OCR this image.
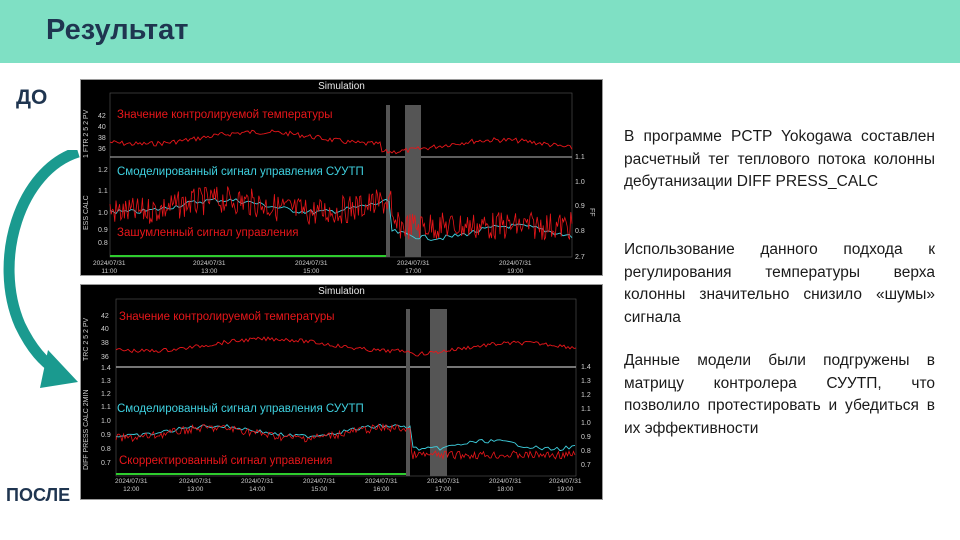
Результат
ДО
ПОСЛЕ
Simulation
Значение контролируемой температуры
Смоделированный сигнал управления СУУТП
Зашумленный сигнал управления
1 FTR 2 5 2 PV
ESS CALC	FF
42
40
38
36
1.2
1.1
1.0
0.9
0.8
1.1
1.0
0.9
0.8
2.7
2024/07/31
11:00
2024/07/31
13:00
2024/07/31
15:00
2024/07/31
17:00
2024/07/31
19:00
Simulation
Значение контролируемой температуры
Смоделированный сигнал управления СУУТП
Скорректированный сигнал управления
TRC 2 5 2 PV
DIFF PRESS CALC 2MIN
42
40
38
36
1.4
1.3
1.2
1.1
1.0
0.9
0.8
0.7
1.4
1.3
1.2
1.1
1.0
0.9
0.8
0.7
2024/07/31
12:00
2024/07/31
13:00
2024/07/31
14:00
2024/07/31
15:00
2024/07/31
16:00
2024/07/31
17:00
2024/07/31
18:00
2024/07/31
19:00
В программе PCTP Yokogawa составлен расчетный тег теплового потока колонны дебутанизации DIFF PRESS_CALC
Использование данного подхода к регулирования температуры верха колонны значительно снизило «шумы» сигнала
Данные модели были подгружены в матрицу контролера СУУТП, что позволило протестировать и убедиться в их эффективности
